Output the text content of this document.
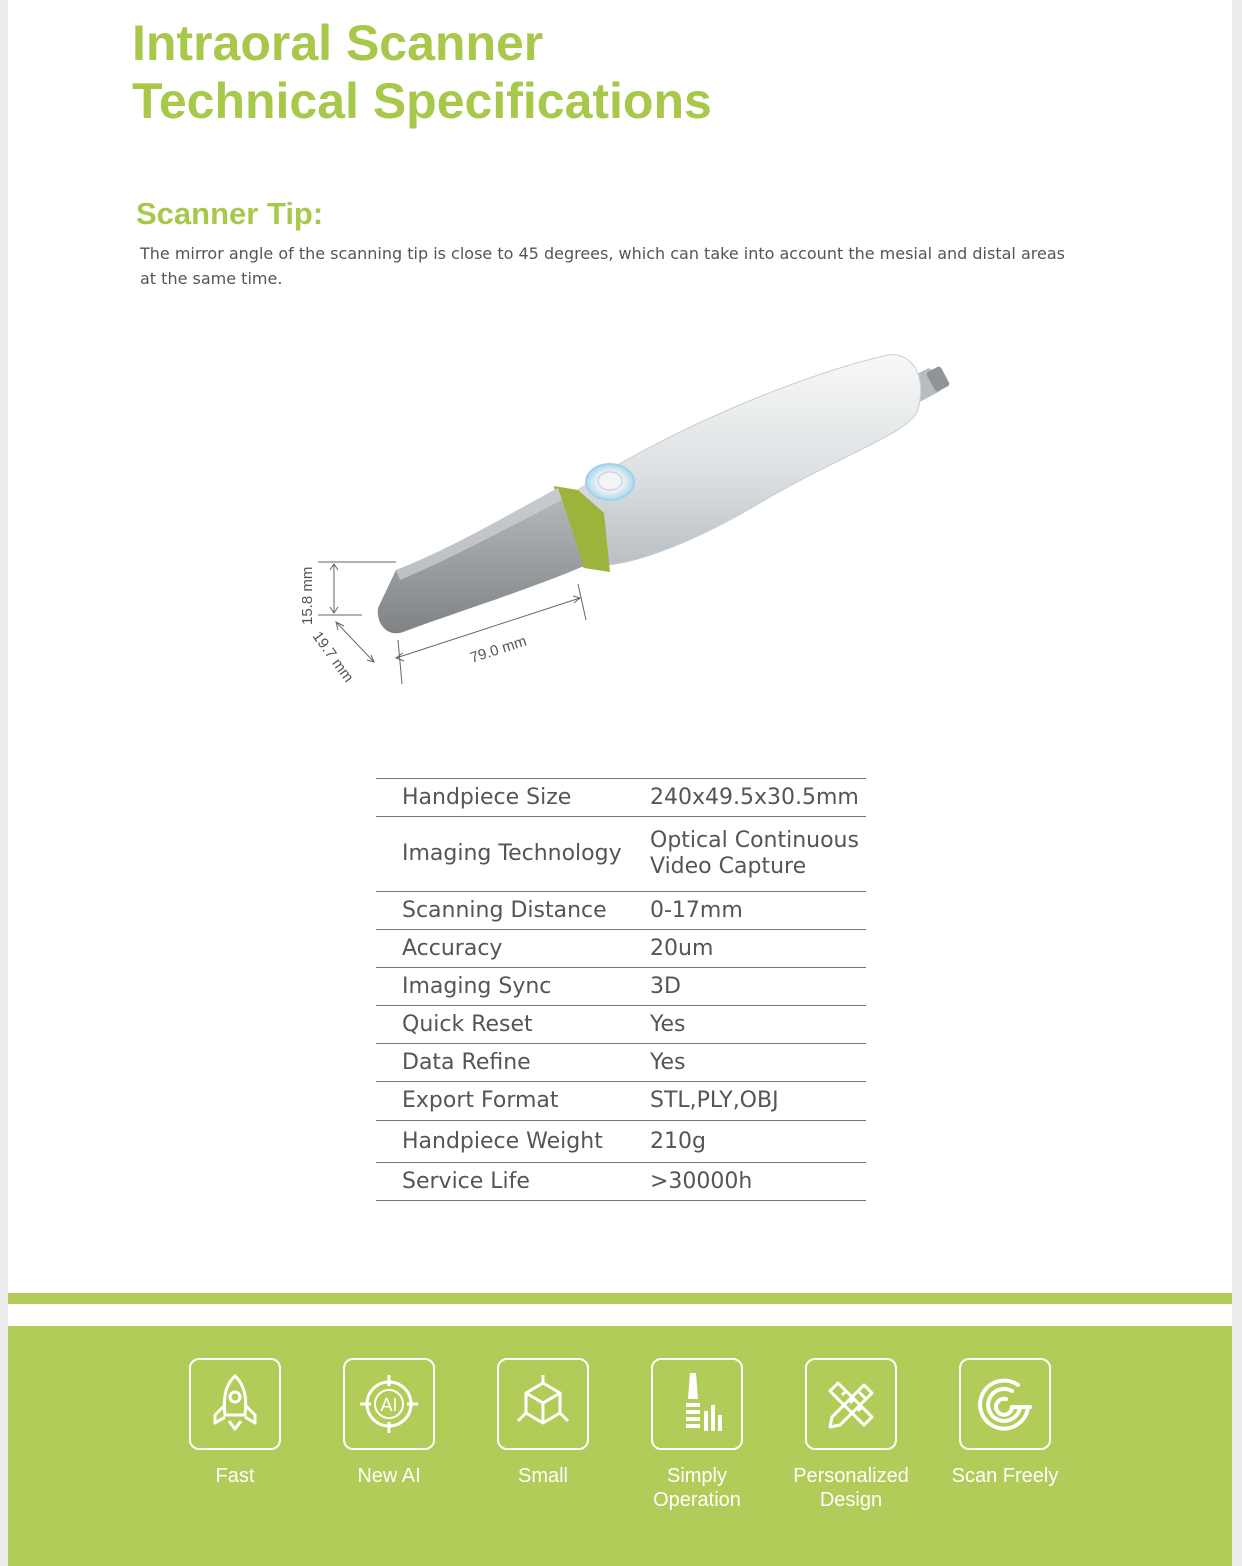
Intraoral Scanner
Technical Specifications
Scanner Tip:
The mirror angle of the scanning tip is close to 45 degrees, which can take into account the mesial and distal areas at the same time.
15.8 mm
19.7 mm	79.0 mm
Handpiece Size	240x49.5x30.5mm
Imaging Technology	Optical Continuous Video Capture
Scanning Distance	0-17mm
Accuracy	20um
Imaging Sync	3D
Quick Reset	Yes
Data Refine	Yes
Export Format	STL,PLY,OBJ
Handpiece Weight	210g
Service Life	>30000h
Fast
AI
New AI	Small	Simply Operation
Personalized Design
Scan Freely
